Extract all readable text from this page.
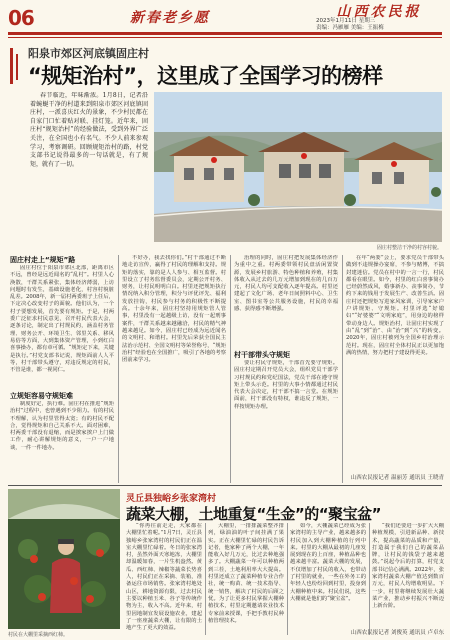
06	新春老乡愿	山西农民报
2023年1月11日 星期三
责编：冯雁雁 美编：王振梅
阳泉市郊区河底镇固庄村
“规矩治村”，这里成了全国学习的榜样
春节临近，年味渐浓。1月8日，记者沿着蜿蜒干净的村道来到阳泉市郊区河底镇固庄村，一派喜庆红火的景象，不少村民都在自家门口忙着贴对联、挂灯笼。近年来，固庄村“规矩治村”的经验做法，受到外界广泛关注，在全国也小有名气。不少人前来参观学习，考察调研。回顾规矩治村的路，村党支部书记说得最多的一句话就是，有了规矩，就有了一切。
固庄村整洁干净的村容村貌。
固庄村走上“规矩”路
固庄村位于阳泉市郊区北部，距离市区不远，曾经是远近闻名的“乱村”。村里人心涣散，干群关系紧张，集体经济薄弱，上访问题时有发生，基础设施老化，村容村貌脏乱差。2008年，新一届村两委班子上任后，下定决心改变村子的面貌。他们认为，一个村子要想发展，首先要有规矩。于是，村两委广泛征求村民意见，召开村民代表大会，逐条讨论，制定出了村规民约，涵盖村务管理、财务公开、环境卫生、邻里关系、移风易俗等方面，大到集体资产管理，小到红白喜事操办，都有章可循。“规矩定下来，关键是执行。”村党支部书记说，规矩面前人人平等，村干部带头遵守，对违反规定的村民，不管是谁，都一视同仁。
立规矩容易守规矩难
制度好定，执行难。固庄村在推进“规矩治村”过程中，也曾遇到不少阻力。有的村民不理解，认为村里管得太宽；有的村民不配合，觉得规矩和自己关系不大。面对困难，村两委干部没有退缩，而是挨家挨户上门做工作，耐心讲解规矩的意义，一户一户地谈，一件一件地办。
不好办，我去找你们。”村干部通过不断地走访宣传，赢得了村民的理解和支持。规矩的落实，靠的是人人参与、相互监督。村里设立了村务监督委员会，定期公开村务、财务，让村民明明白白。村里还把规矩执行情况纳入积分管理，积分与评优评先、福利发放挂钩，村民参与村务的积极性不断提高。十余年来，固庄村坚持用规矩管人管事，村里没有一起越级上访，没有一起刑事案件，干群关系越来越融洽，村民的精气神越来越足。如今，固庄村已经成为远近闻名的文明村、和谐村。村里先后荣获全国民主法治示范村、全国文明村等荣誉称号，“规矩治村”经验也在全国推广，吸引了各地的考察团前来学习。
治理的同时，固庄村把发展集体经济作为重中之重。村两委带领村民盘活闲置资源，发展乡村旅游、特色种植和养殖，村集体收入从过去的几万元增加到现在的几百万元，村民人均可支配收入逐年提高。村里还建起了文化广场、老年日间照料中心、卫生室、图书室等公共服务设施，村民的幸福感、获得感不断增强。
村干部带头守规矩
要让村民守规矩，干部首先要守规矩。固庄村定期召开党员大会，组织党员干部学习村规民约和党纪国法，党员干部在遵守规矩上带头示范。村里的大事小情都通过村民代表大会决定，村干部不搞一言堂。在规矩面前，村干部没有特权，谁违反了规矩，一样按规矩办理。
在年“两委”会上，要求党员干部带头做到不违规操办宴席，不参与赌博，不搞封建迷信。党员在村中的一言一行，村民都看在眼里。如今，村里的红白喜事简办已经蔚然成风，婚事新办、丧事简办，节约下来的钱用于发展生产、改善生活。固庄村还把规矩写进家风家训，引导家家户户讲规矩、守规矩。村里评选“好媳妇”“好婆婆”“文明家庭”，用身边的榜样带动身边人。规矩治村，让固庄村实现了由“乱”到“治”、由“治”到“兴”的转变。2020年，固庄村被列为全国乡村治理示范村。现在，固庄村全体村民正以更加饱满的热情，努力把村子建设得更美。
山西农民报记者 温丽芳 通讯员 王晓青
村民在大棚里采摘西红柿。
灵丘县独峪乡张家湾村
蔬菜大棚，土地重复“生金”的“聚宝盆”
“你再往前走走，大家都在大棚里忙着呢。”1月7日，灵丘县独峪乡张家湾村的村民们正在温室大棚里忙碌着。冬日的张家湾村，虽然外面天寒地冻，大棚里却温暖如春，一片生机盎然。黄瓜、西红柿、辣椒等蔬菜长势喜人，村民们正在采摘、装箱，准备运往市场销售。张家湾村地处山区，耕地资源有限，过去村民主要以种植玉米、谷子等传统作物为主，收入不高。近年来，村里因地制宜发展设施农业，建起了一座座蔬菜大棚，让有限的土地产生了更大的效益。
大棚里，一排排蔬菜整齐排列，绿油油的叶子间挂满了果实。正在大棚里忙碌的村民告诉记者，他家种了两个大棚，一年能收入好几万元，比过去种地强多了。大棚蔬菜一年可以种植两到三茬，土地利用率大大提高。村里还成立了蔬菜种植专业合作社，统一购苗、统一技术指导、统一销售，解决了村民的后顾之忧。为了让更多村民掌握大棚种植技术，村里定期邀请农业技术专家前来授课，手把手教村民种植管理技术。
如今，大棚蔬菜已经成为张家湾村的主导产业，越来越多的村民加入到大棚种植的行列中来。村里的大棚从最初的几座发展到现在的上百座，种植品种也越来越丰富。蔬菜大棚的发展，不仅增加了村民的收入，也带动了村里的就业，一些在外务工的年轻人也纷纷回到村里，投身到大棚种植中来。村民们说，这些大棚就是他们的“聚宝盆”。
“我们还要进一步扩大大棚种植规模，引进新品种、新技术，提高蔬菜的品质和产量，打造属于我们自己的蔬菜品牌，让村民的钱袋子越来越鼓。”说起今后的打算，村党支部书记信心满满。2022年，张家湾村蔬菜大棚产值达到数百万元，村民人均增收明显。下一步，村里将继续发展壮大蔬菜产业，推动乡村振兴不断迈上新台阶。
山西农民报记者 刘俊英 通讯员 卢卓东
